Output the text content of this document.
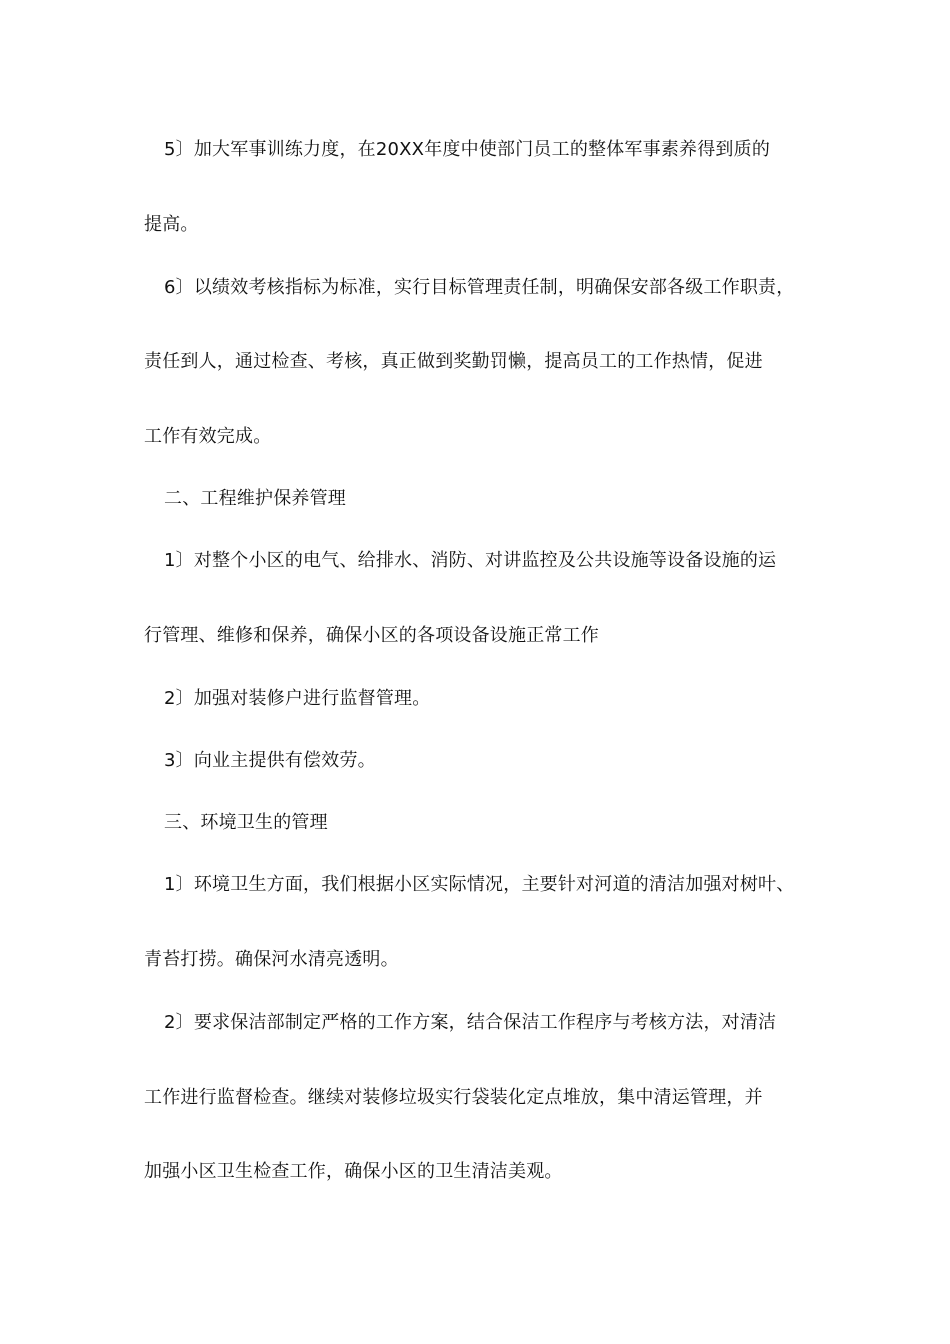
5〕加大军事训练力度，在20XX年度中使部门员工的整体军事素养得到质的
提高。
6〕以绩效考核指标为标准，实行目标管理责任制，明确保安部各级工作职责，
责任到人，通过检查、考核，真正做到奖勤罚懒，提高员工的工作热情，促进
工作有效完成。
二、工程维护保养管理
1〕对整个小区的电气、给排水、消防、对讲监控及公共设施等设备设施的运
行管理、维修和保养，确保小区的各项设备设施正常工作
2〕加强对装修户进行监督管理。
3〕向业主提供有偿效劳。
三、环境卫生的管理
1〕环境卫生方面，我们根据小区实际情况，主要针对河道的清洁加强对树叶、
青苔打捞。确保河水清亮透明。
2〕要求保洁部制定严格的工作方案，结合保洁工作程序与考核方法，对清洁
工作进行监督检查。继续对装修垃圾实行袋装化定点堆放，集中清运管理，并
加强小区卫生检查工作，确保小区的卫生清洁美观。
